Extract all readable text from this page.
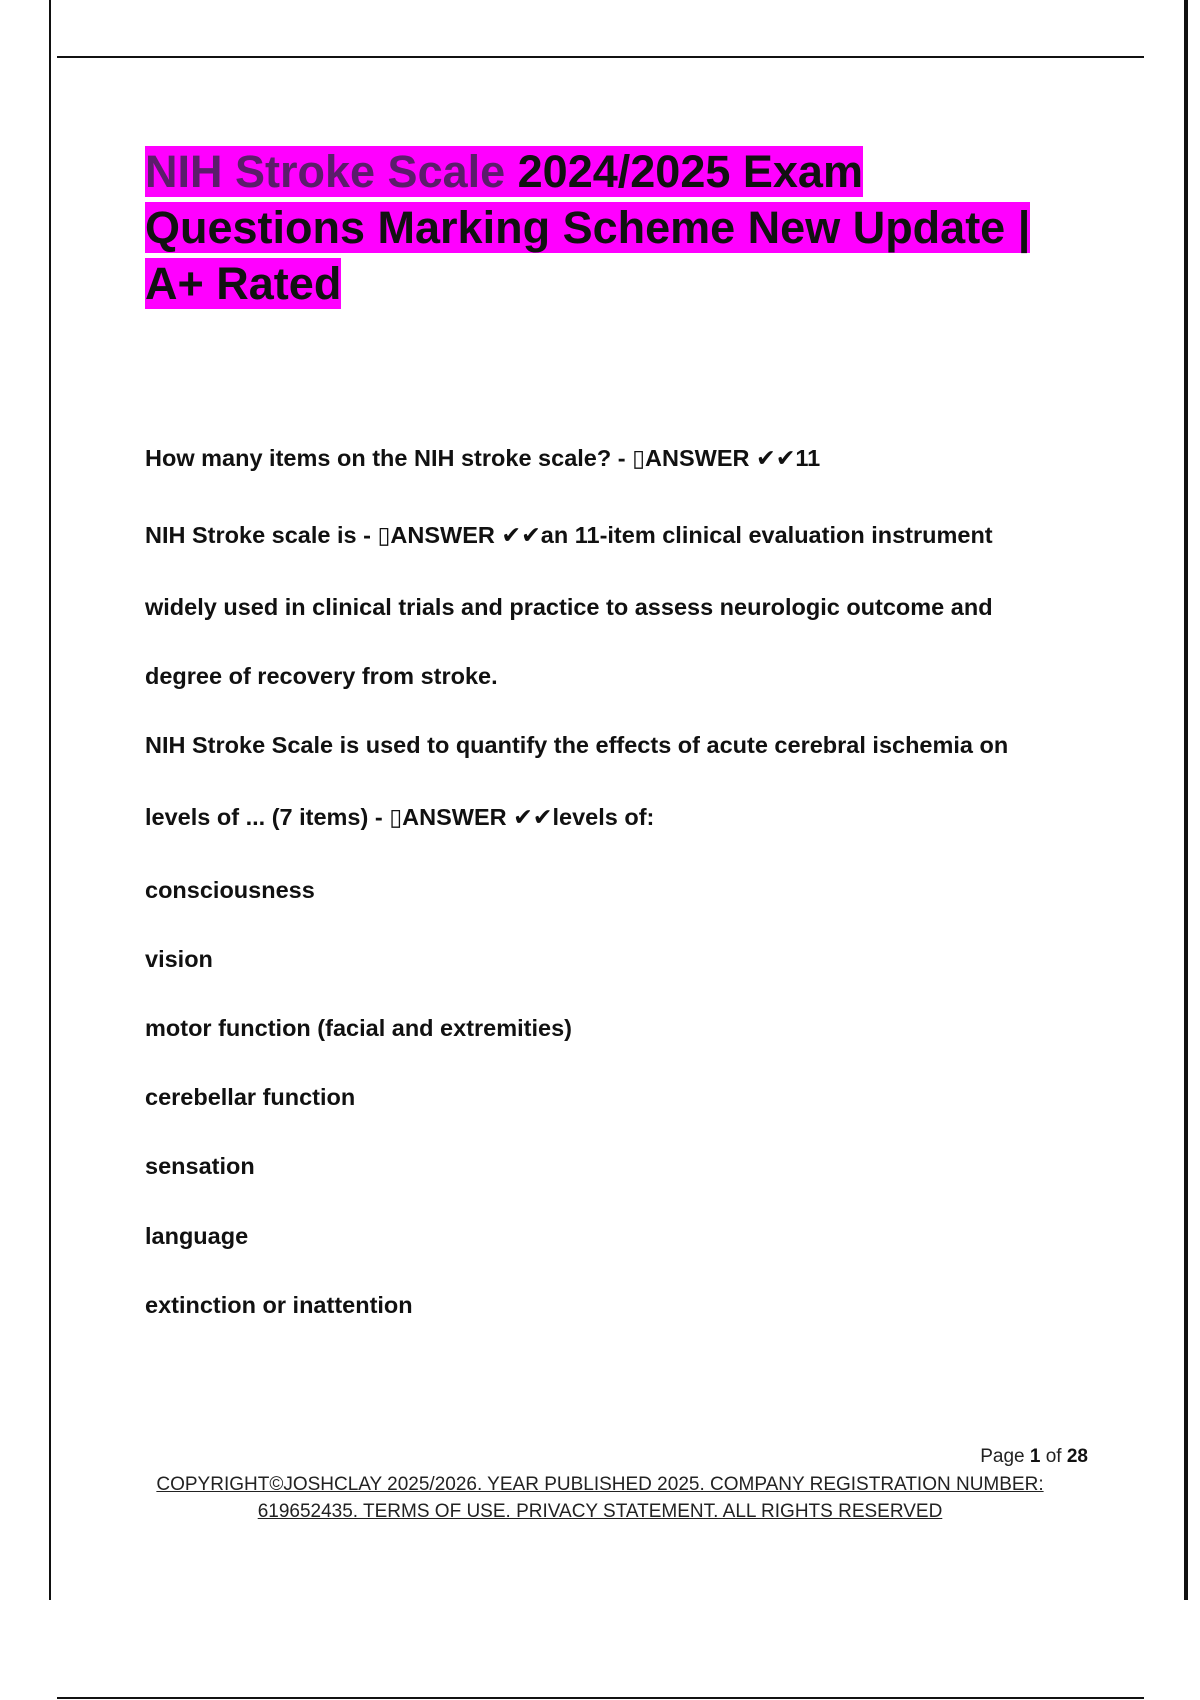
NIH Stroke Scale 2024/2025 Exam Questions Marking Scheme New Update | A+ Rated

How many items on the NIH stroke scale? - ▯ANSWER ✔✔11

NIH Stroke scale is - ▯ANSWER ✔✔an 11-item clinical evaluation instrument

widely used in clinical trials and practice to assess neurologic outcome and

degree of recovery from stroke.

NIH Stroke Scale is used to quantify the effects of acute cerebral ischemia on

levels of ... (7 items) - ▯ANSWER ✔✔levels of:

consciousness

vision

motor function (facial and extremities)

cerebellar function

sensation

language

extinction or inattention

Page 1 of 28
COPYRIGHT©JOSHCLAY 2025/2026. YEAR PUBLISHED 2025. COMPANY REGISTRATION NUMBER:
619652435. TERMS OF USE. PRIVACY STATEMENT. ALL RIGHTS RESERVED
